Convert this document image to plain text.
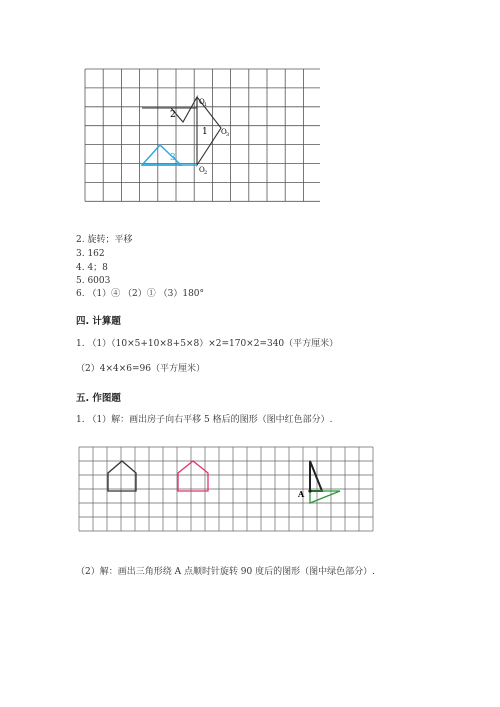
2
1
3
O 1
O 3
O 2
2. 旋转；平移
3. 162
4. 4；8
5. 6003
6. （1）④ （2）① （3）180°
四. 计算题
1. （1）（10×5+10×8+5×8）×2=170×2=340（平方厘米）
（2）4×4×6=96（平方厘米）
五. 作图题
1. （1）解：画出房子向右平移 5 格后的图形（图中红色部分）.
A
（2）解：画出三角形绕 A 点顺时针旋转 90 度后的图形（图中绿色部分）.
